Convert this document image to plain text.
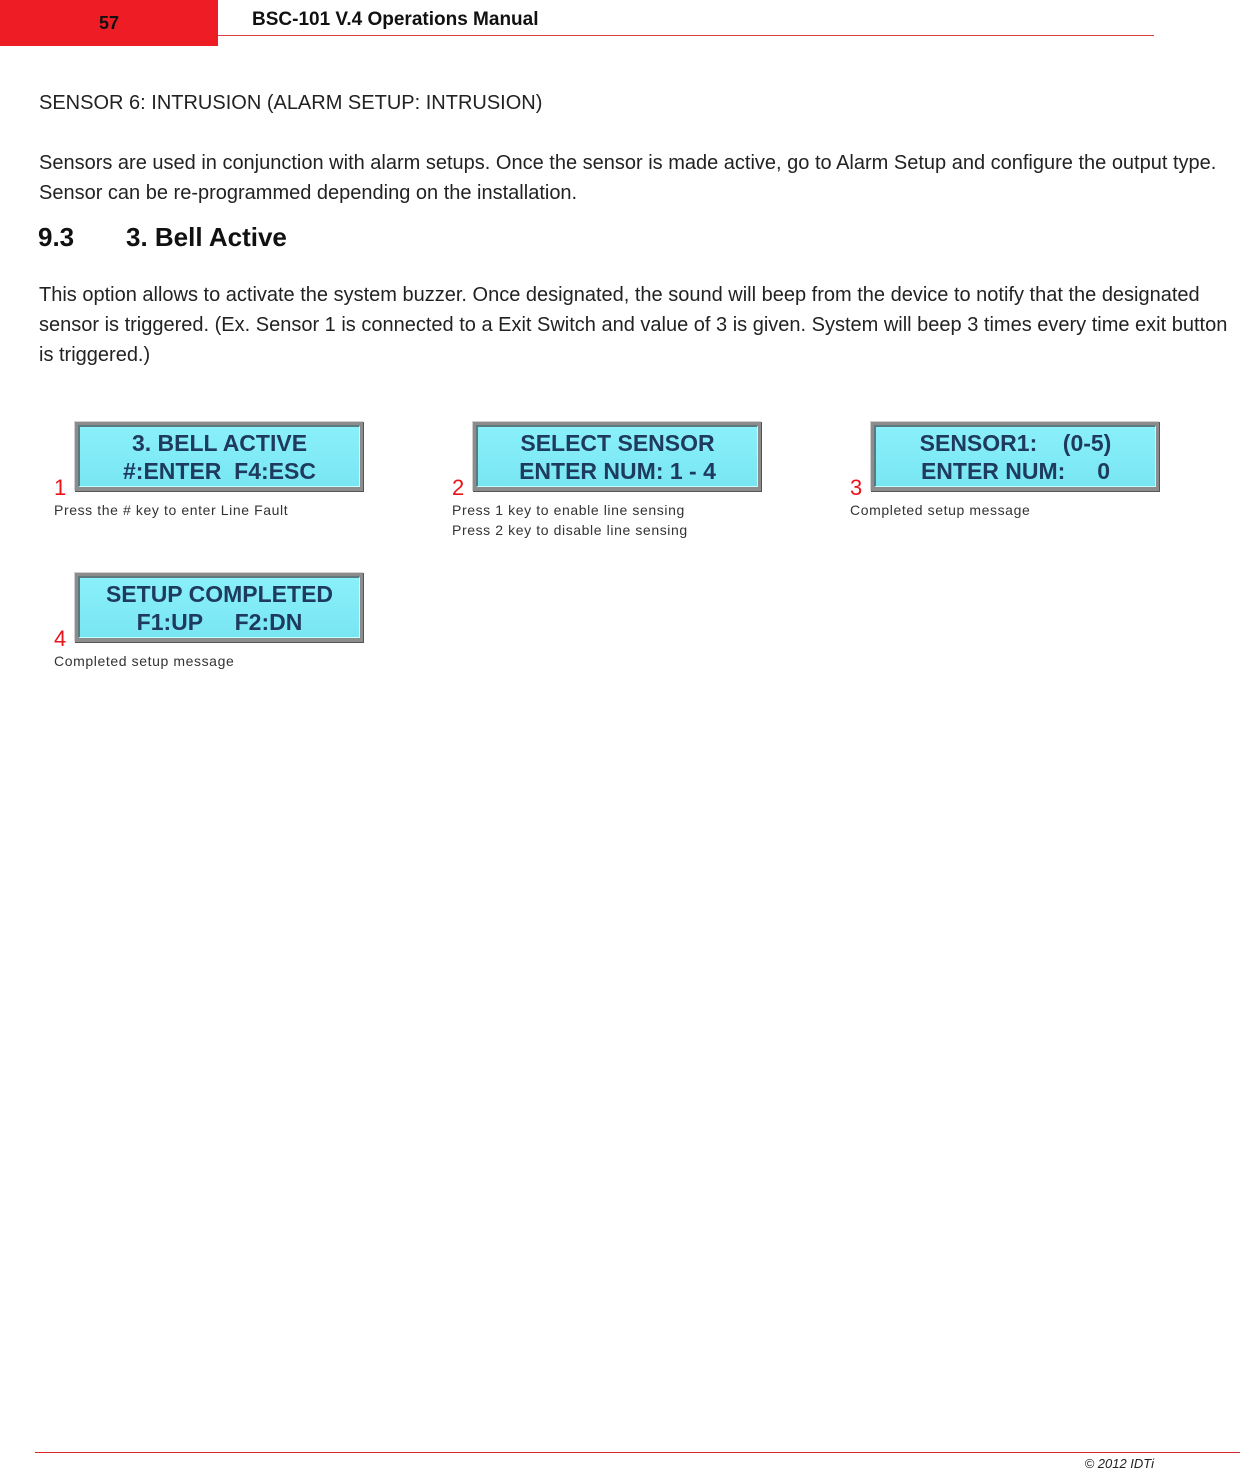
57	BSC-101 V.4 Operations Manual
SENSOR 6: INTRUSION (ALARM SETUP: INTRUSION)
Sensors are used in conjunction with alarm setups. Once the sensor is made active, go to Alarm Setup and configure the output type. Sensor can be re-programmed depending on the installation.
9.3 3. Bell Active
This option allows to activate the system buzzer. Once designated, the sound will beep from the device to notify that the designated sensor is triggered. (Ex. Sensor 1 is connected to a Exit Switch and value of 3 is given. System will beep 3 times every time exit button is triggered.)
3. BELL ACTIVE
#:ENTER  F4:ESC
1
Press the # key to enter Line Fault
SELECT SENSOR
ENTER NUM: 1 - 4
2
Press 1 key to enable line sensing
Press 2 key to disable line sensing
SENSOR1:    (0-5)
ENTER NUM:     0
3
Completed setup message
SETUP COMPLETED
F1:UP     F2:DN
4
Completed setup message
© 2012 IDTi
